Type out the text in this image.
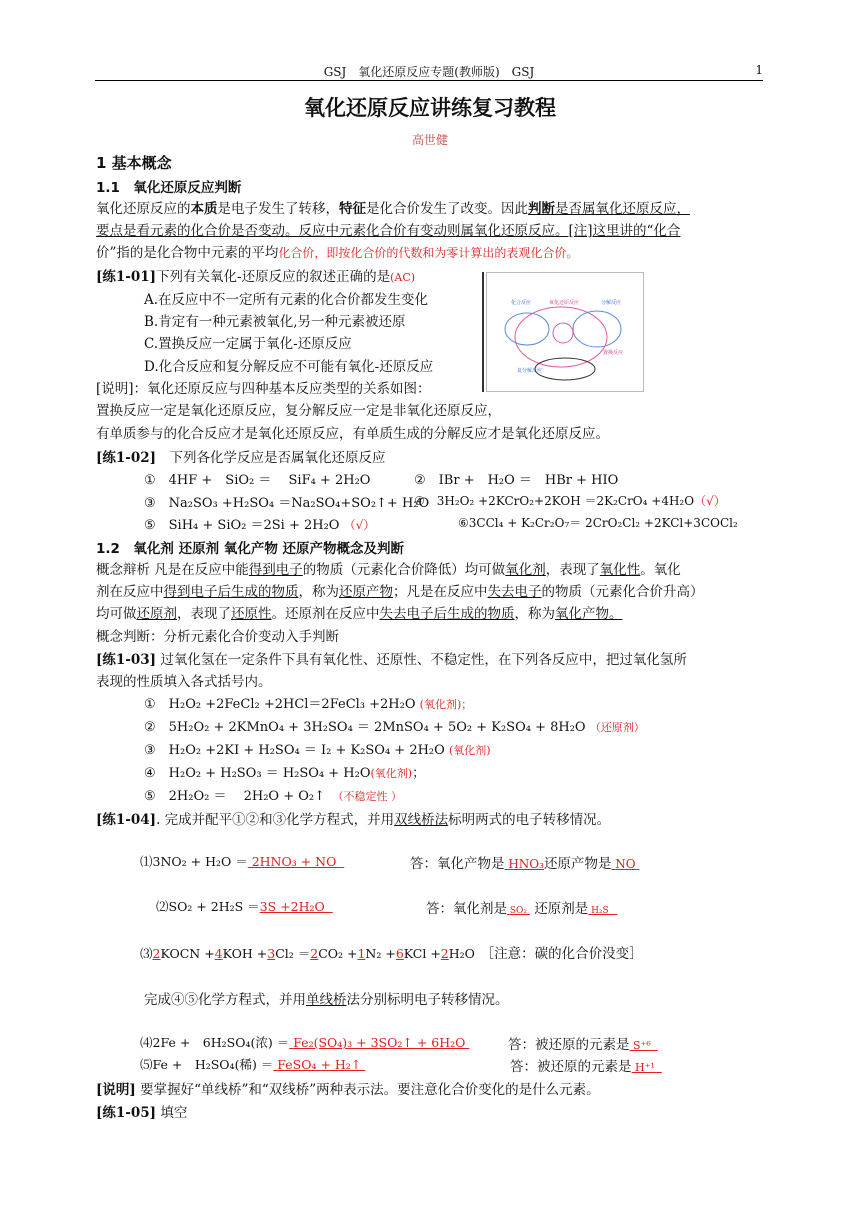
GSJ　氧化还原反应专题(教师版)　GSJ	1
氧化还原反应讲练复习教程
高世健
1 基本概念
1.1　氧化还原反应判断
氧化还原反应的本质是电子发生了转移，特征是化合价发生了改变。因此判断是否属氧化还原反应，
要点是看元素的化合价是否变动。反应中元素化合价有变动则属氧化还原反应。[注]这里讲的“化合
价”指的是化合物中元素的平均化合价，即按化合价的代数和为零计算出的表观化合价。
[练1-01]下列有关氧化-还原反应的叙述正确的是(AC)
A.在反应中不一定所有元素的化合价都发生变化
B.肯定有一种元素被氧化,另一种元素被还原
C.置换反应一定属于氧化-还原反应
D.化合反应和复分解反应不可能有氧化-还原反应
[说明]：氧化还原反应与四种基本反应类型的关系如图：
置换反应一定是氧化还原反应，复分解反应一定是非氧化还原反应，
有单质参与的化合反应才是氧化还原反应，有单质生成的分解反应才是氧化还原反应。
化合反应	氧化还原反应	分解反应
置换反应
复分解反应
[练1-02]　下列各化学反应是否属氧化还原反应
①　4HF +　SiO₂ ＝　 SiF₄ + 2H₂O	②　IBr +　H₂O ＝　HBr + HIO
③　Na₂SO₃ +H₂SO₄ ＝Na₂SO₄+SO₂↑+ H₂O
④　3H₂O₂ +2KCrO₂+2KOH ＝2K₂CrO₄ +4H₂O（√）
⑤　SiH₄ + SiO₂ ＝2Si + 2H₂O （√）	⑥3CCl₄ + K₂Cr₂O₇＝ 2CrO₂Cl₂ +2KCl+3COCl₂
1.2　氧化剂 还原剂 氧化产物 还原产物概念及判断
概念辩析 凡是在反应中能得到电子的物质（元素化合价降低）均可做氧化剂，表现了氧化性。氧化
剂在反应中得到电子后生成的物质，称为还原产物；凡是在反应中失去电子的物质（元素化合价升高）
均可做还原剂，表现了还原性。还原剂在反应中失去电子后生成的物质，称为氧化产物。
概念判断：分析元素化合价变动入手判断
[练1-03] 过氧化氢在一定条件下具有氧化性、还原性、不稳定性，在下列各反应中，把过氧化氢所
表现的性质填入各式括号内。
①　H₂O₂ +2FeCl₂ +2HCl＝2FeCl₃ +2H₂O (氧化剂)；
②　5H₂O₂ + 2KMnO₄ + 3H₂SO₄ ＝ 2MnSO₄ + 5O₂ + K₂SO₄ + 8H₂O （还原剂）
③　H₂O₂ +2KI + H₂SO₄ ＝ I₂ + K₂SO₄ + 2H₂O (氧化剂)
④　H₂O₂ + H₂SO₃ ＝ H₂SO₄ + H₂O(氧化剂)；
⑤　2H₂O₂ ＝　 2H₂O + O₂↑　 （不稳定性 ）
[练1-04]. 完成并配平①②和③化学方程式，并用双线桥法标明两式的电子转移情况。
⑴3NO₂ + H₂O ＝ 2HNO₃ + NO	答：氧化产物是 HNO₃还原产物是 NO
⑵SO₂ + 2H₂S ＝3S +2H₂O	答：氧化剂是 SO₂ 还原剂是 H₂S
⑶2KOCN +4KOH +3Cl₂ ＝2CO₂ +1N₂ +6KCl +2H₂O　 ［注意：碳的化合价没变］
完成④⑤化学方程式，并用单线桥法分别标明电子转移情况。
⑷2Fe +　6H₂SO₄(浓) ＝ Fe₂(SO₄)₃ + 3SO₂↑ + 6H₂O	答：被还原的元素是 S⁺⁶
⑸Fe +　H₂SO₄(稀) ＝ FeSO₄ + H₂↑	答：被还原的元素是 H⁺¹
[说明] 要掌握好“单线桥”和“双线桥”两种表示法。要注意化合价变化的是什么元素。
[练1-05] 填空
